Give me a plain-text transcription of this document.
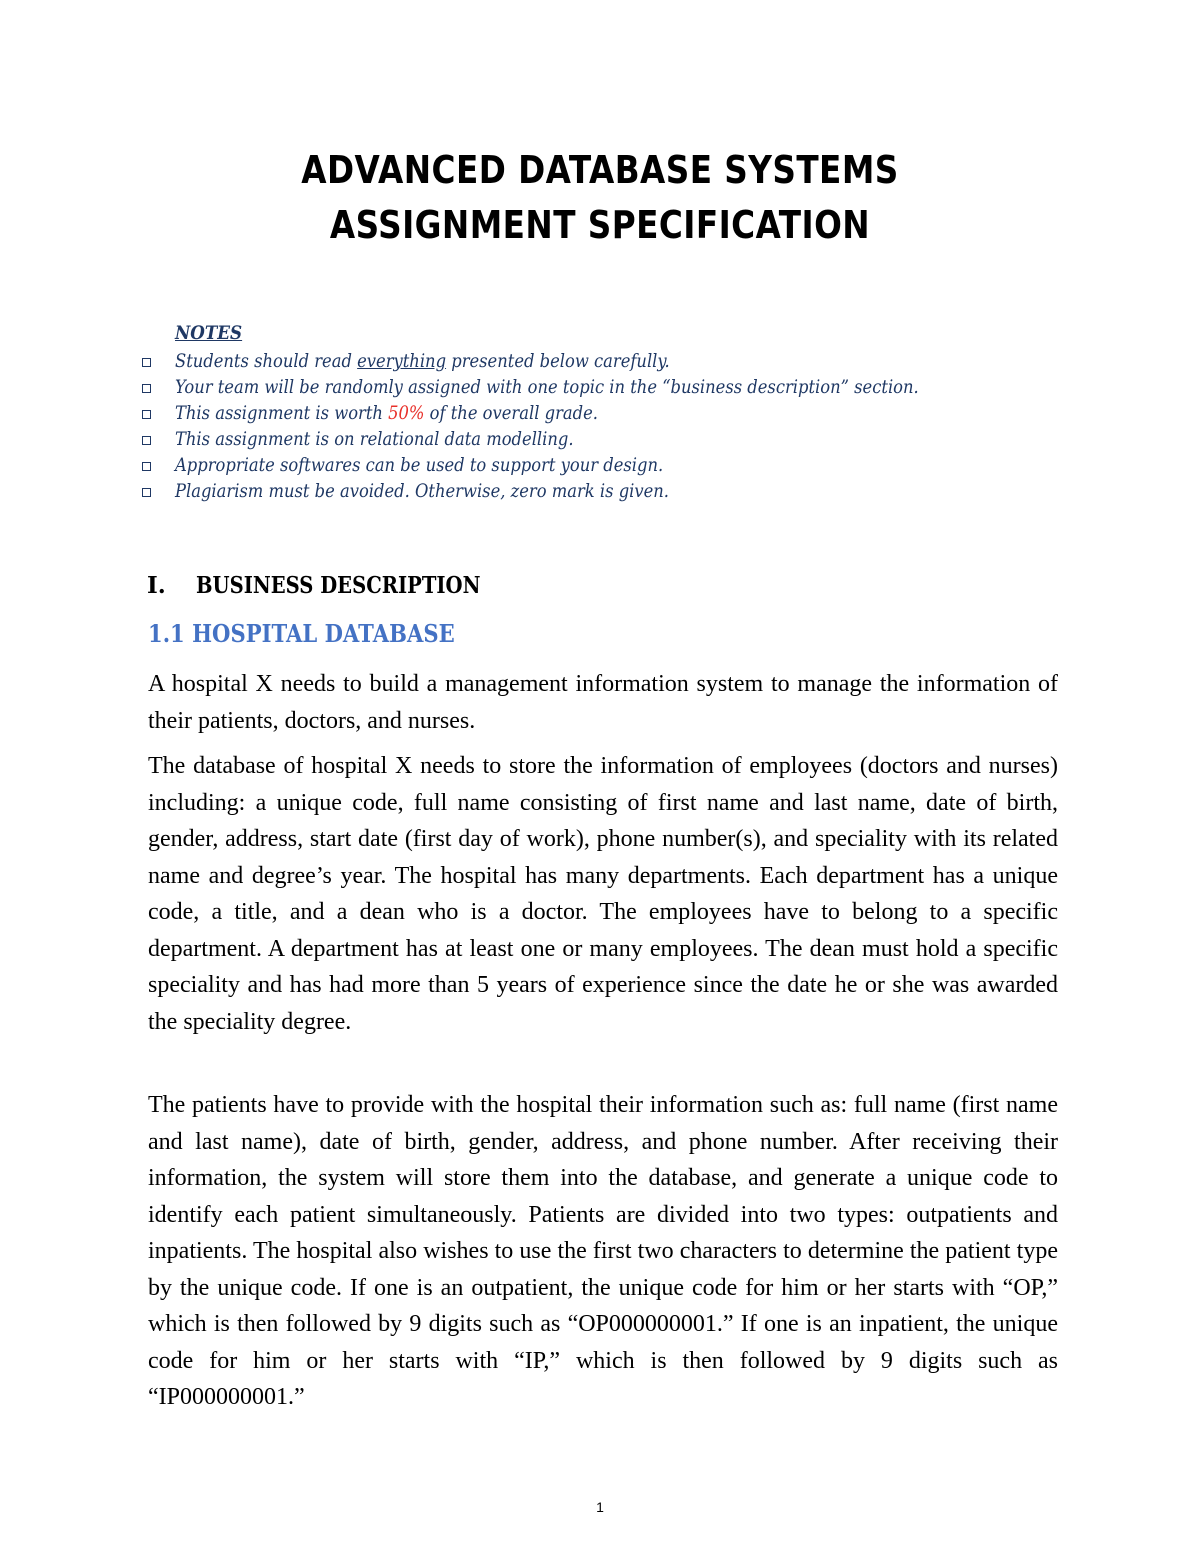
ADVANCED DATABASE SYSTEMS
ASSIGNMENT SPECIFICATION
NOTES
Students should read everything presented below carefully.
Your team will be randomly assigned with one topic in the “business description” section.
This assignment is worth 50% of the overall grade.
This assignment is on relational data modelling.
Appropriate softwares can be used to support your design.
Plagiarism must be avoided. Otherwise, zero mark is given.
I. BUSINESS DESCRIPTION
1.1 HOSPITAL DATABASE

A hospital X needs to build a management information system to manage the information of their patients, doctors, and nurses.

The database of hospital X needs to store the information of employees (doctors and nurses) including: a unique code, full name consisting of first name and last name, date of birth, gender, address, start date (first day of work), phone number(s), and speciality with its related name and degree’s year. The hospital has many departments. Each department has a unique code, a title, and a dean who is a doctor. The employees have to belong to a specific department. A department has at least one or many employees. The dean must hold a specific speciality and has had more than 5 years of experience since the date he or she was awarded the speciality degree.

The patients have to provide with the hospital their information such as: full name (first name and last name), date of birth, gender, address, and phone number. After receiving their information, the system will store them into the database, and generate a unique code to identify each patient simultaneously. Patients are divided into two types: outpatients and inpatients. The hospital also wishes to use the first two characters to determine the patient type by the unique code. If one is an outpatient, the unique code for him or her starts with “OP,” which is then followed by 9 digits such as “OP000000001.” If one is an inpatient, the unique code for him or her starts with “IP,” which is then followed by 9 digits such as “IP000000001.”

1
